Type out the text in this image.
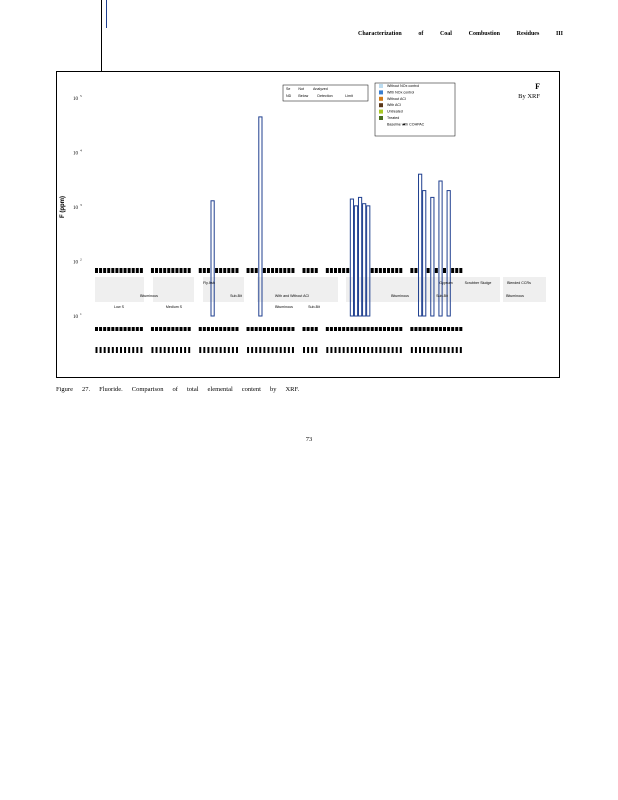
Characterization	of	Coal	Combustion	Residues	III
10
1
10
2
10
3
10
4
10
5
Fly Ash
Bituminous	Sub-Bit
Low S	Medium S
With and Without ACI
Bituminous	Sub-Bit
Gypsum
Bituminous	Sub-Bit
Scrubber Sludge	Blended CCRs
Bituminous
F
By XRF
F (ppm)
Se Not	Analyzed
ND Below	Detection	Limit
Without NOx control
With NOx control
Without ACI
With ACI
Untreated
Treated
Baseline with COHPAC
Figure 27. Fluoride. Comparison of total elemental content by XRF.
73
